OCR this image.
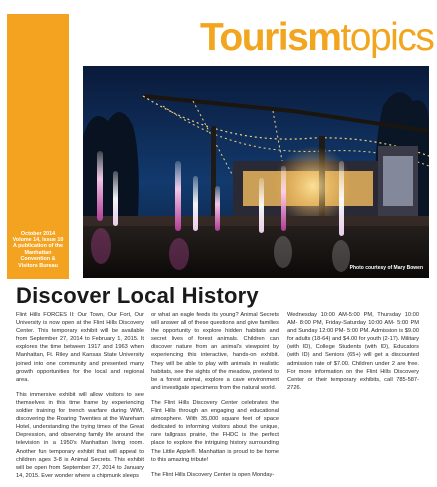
Tourismtopics
October 2014
Volume 14, Issue 10
A publication of the
Manhattan
Convention &
Visitors Bureau	Photo courtesy of Mary Bowen
Discover Local History

Flint Hills FORCES II: Our Town, Our Fort, Our University is now open at the Flint Hills Discovery Center. This temporary exhibit will be available from September 27, 2014 to February 1, 2015. It explores the time between 1917 and 1963 when Manhattan, Ft. Riley and Kansas State University joined into one community and presented many growth opportunities for the local and regional area.

This immersive exhibit will allow visitors to see themselves in this time frame by experiencing soldier training for trench warfare during WWI, discovering the Roaring Twenties at the Wareham Hotel, understanding the trying times of the Great Depression, and observing family life around the television in a 1950's Manhattan living room. Another fun temporary exhibit that will appeal to children ages 3-8 is Animal Secrets. This exhibit will be open from September 27, 2014 to January 14, 2015. Ever wonder where a chipmunk sleeps

or what an eagle feeds its young? Animal Secrets will answer all of these questions and give families the opportunity to explore hidden habitats and secret lives of forest animals. Children can discover nature from an animal's viewpoint by experiencing this interactive, hands-on exhibit. They will be able to play with animals in realistic habitats, see the sights of the meadow, pretend to be a forest animal, explore a cave environment and investigate specimens from the natural world.

The Flint Hills Discovery Center celebrates the Flint Hills through an engaging and educational atmosphere. With 35,000 square feet of space dedicated to informing visitors about the unique, rare tallgrass prairie, the FHDC is the perfect place to explore the intriguing history surrounding The Little Apple®. Manhattan is proud to be home to this amazing tribute!

The Flint Hills Discovery Center is open Monday-

Wednesday 10:00 AM-5:00 PM, Thursday 10:00 AM- 8:00 PM, Friday-Saturday 10:00 AM- 5:00 PM and Sunday 12:00 PM- 5:00 PM. Admission is $9.00 for adults (18-64) and $4.00 for youth (2-17). Military (with ID), College Students (with ID), Educators (with ID) and Seniors (65+) will get a discounted admission rate of $7.00. Children under 2 are free. For more information on the Flint Hills Discovery Center or their temporary exhibits, call 785-587-2726.
